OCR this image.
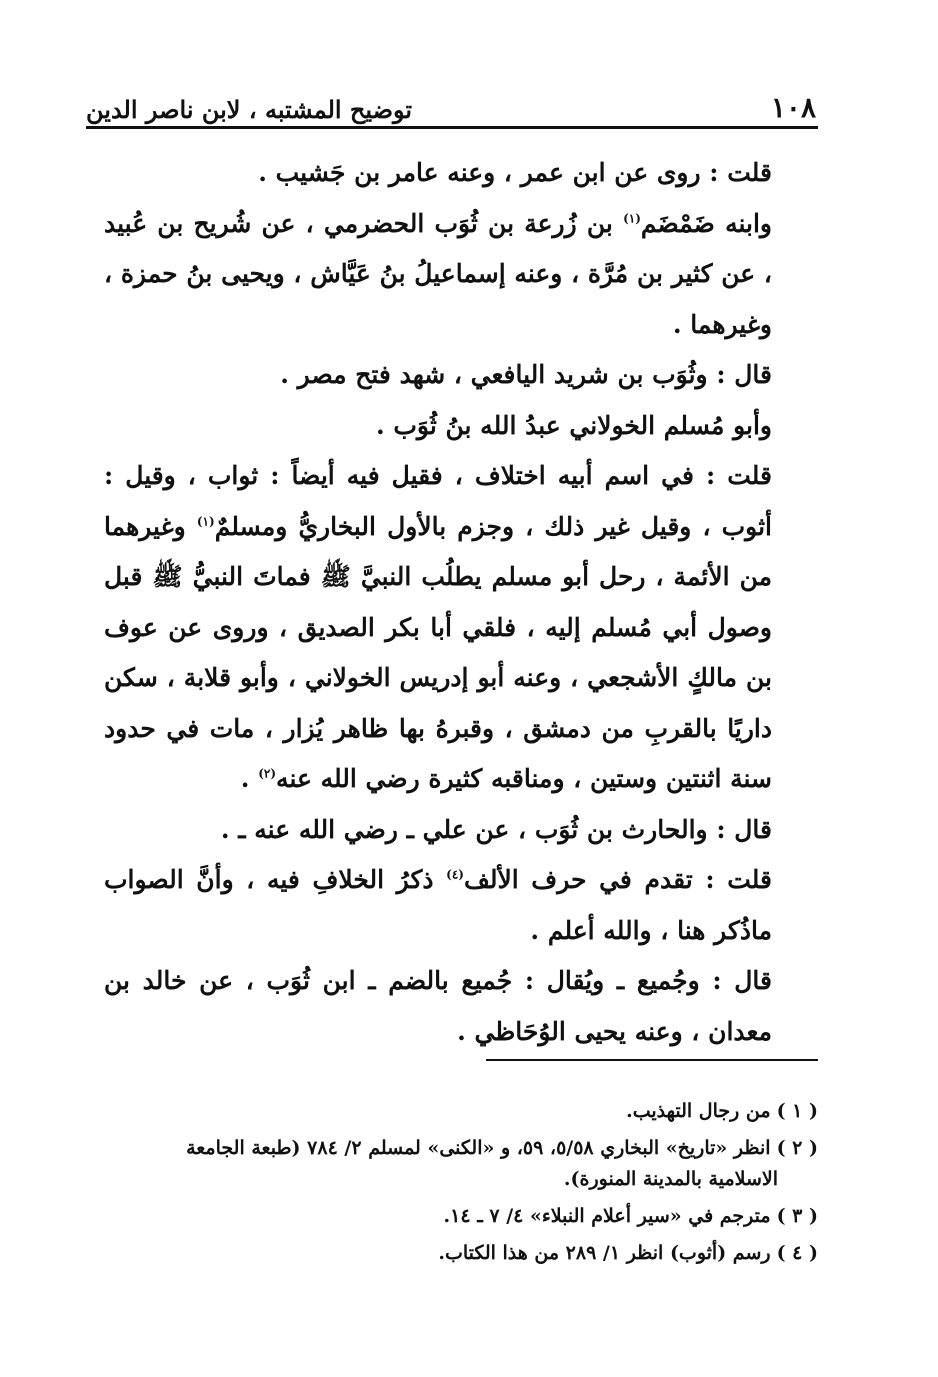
١٠٨
توضيح المشتبه ، لابن ناصر الدين

قلت : روى عن ابن عمر ، وعنه عامر بن جَشيب .

وابنه ضَمْضَم$^{(١)}$ بن زُرعة بن ثُوَب الحضرمي ، عن شُريح بن عُبيد ، عن كثير بن مُرَّة ، وعنه إسماعيلُ بنُ عَيَّاش ، ويحيى بنُ حمزة ، وغيرهما .

قال : وثُوَب بن شريد اليافعي ، شهد فتح مصر .

وأبو مُسلم الخولاني عبدُ الله بنُ ثُوَب .

قلت : في اسم أبيه اختلاف ، فقيل فيه أيضاً : ثواب ، وقيل : أثوب ، وقيل غير ذلك ، وجزم بالأول البخاريُّ ومسلمٌ$^{(١)}$ وغيرهما من الأئمة ، رحل أبو مسلم يطلُب النبيَّ ﷺ فماتَ النبيُّ ﷺ قبل وصول أبي مُسلم إليه ، فلقي أبا بكر الصديق ، وروى عن عوف بن مالكٍ الأشجعي ، وعنه أبو إدريس الخولاني ، وأبو قلابة ، سكن داريًا بالقربِ من دمشق ، وقبرهُ بها ظاهر يُزار ، مات في حدود سنة اثنتين وستين ، ومناقبه كثيرة رضي الله عنه$^{(٢)}$ .

قال : والحارث بن ثُوَب ، عن علي ـ رضي الله عنه ـ .

قلت : تقدم في حرف الألف$^{(٤)}$ ذكرُ الخلافِ فيه ، وأنَّ الصواب ماذُكر هنا ، والله أعلم .

قال : وجُميع ـ ويُقال : جُميع بالضم ـ ابن ثُوَب ، عن خالد بن معدان ، وعنه يحيى الوُحَاظي .

( ١ )من رجال التهذيب.

( ٢ )انظر «تاريخ» البخاري ٥/٥٨، ٥٩، و «الكنى» لمسلم ٢/ ٧٨٤ (طبعة الجامعة
الاسلامية بالمدينة المنورة).

( ٣ )مترجم في «سير أعلام النبلاء» ٤/ ٧ ـ ١٤.

( ٤ )رسم (أثوب) انظر ١/ ٢٨٩ من هذا الكتاب.
